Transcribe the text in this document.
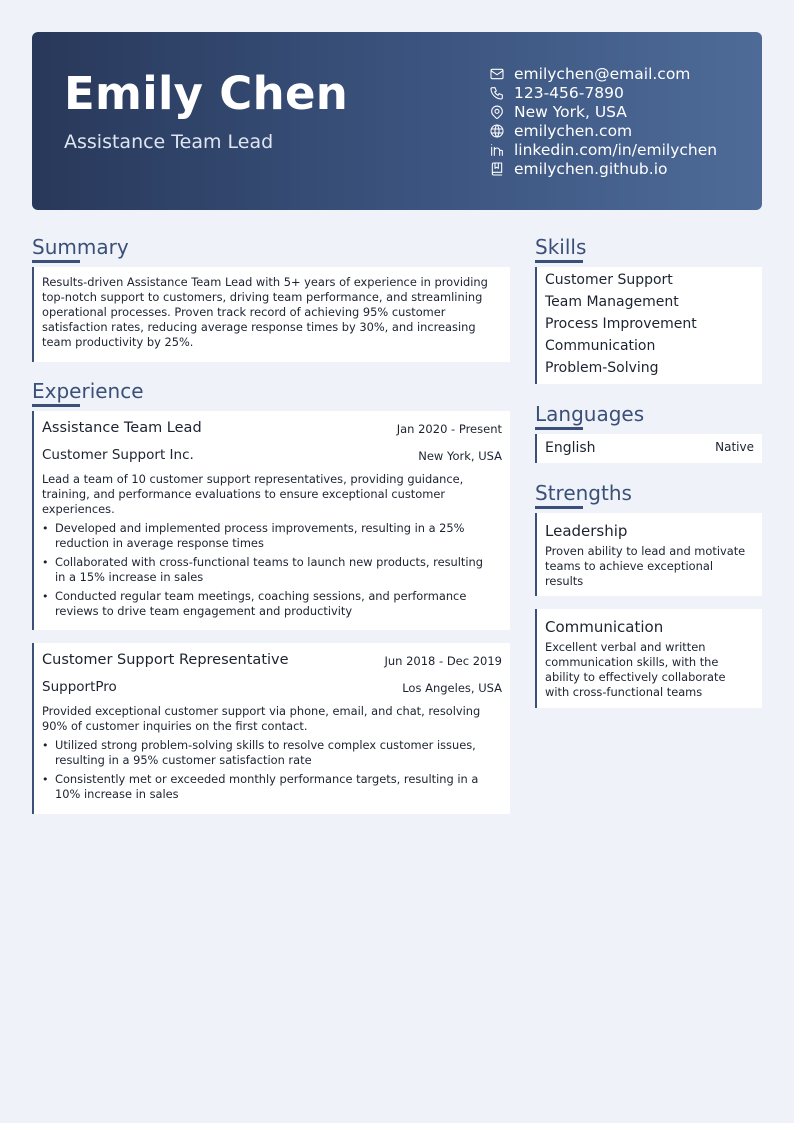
Emily Chen
Assistance Team Lead
emilychen@email.com
123-456-7890
New York, USA
emilychen.com
linkedin.com/in/emilychen
emilychen.github.io
Summary
Results-driven Assistance Team Lead with 5+ years of experience in providing top-notch support to customers, driving team performance, and streamlining operational processes. Proven track record of achieving 95% customer satisfaction rates, reducing average response times by 30%, and increasing team productivity by 25%.
Experience
Assistance Team Lead	Jan 2020 - Present
Customer Support Inc.	New York, USA
Lead a team of 10 customer support representatives, providing guidance, training, and performance evaluations to ensure exceptional customer experiences.
• Developed and implemented process improvements, resulting in a 25% reduction in average response times
• Collaborated with cross-functional teams to launch new products, resulting in a 15% increase in sales
• Conducted regular team meetings, coaching sessions, and performance reviews to drive team engagement and productivity
Customer Support Representative	Jun 2018 - Dec 2019
SupportPro	Los Angeles, USA
Provided exceptional customer support via phone, email, and chat, resolving 90% of customer inquiries on the first contact.
• Utilized strong problem-solving skills to resolve complex customer issues, resulting in a 95% customer satisfaction rate
• Consistently met or exceeded monthly performance targets, resulting in a 10% increase in sales
Skills
Customer Support
Team Management
Process Improvement
Communication
Problem-Solving
Languages
English	Native
Strengths
Leadership
Proven ability to lead and motivate teams to achieve exceptional results
Communication
Excellent verbal and written communication skills, with the ability to effectively collaborate with cross-functional teams
